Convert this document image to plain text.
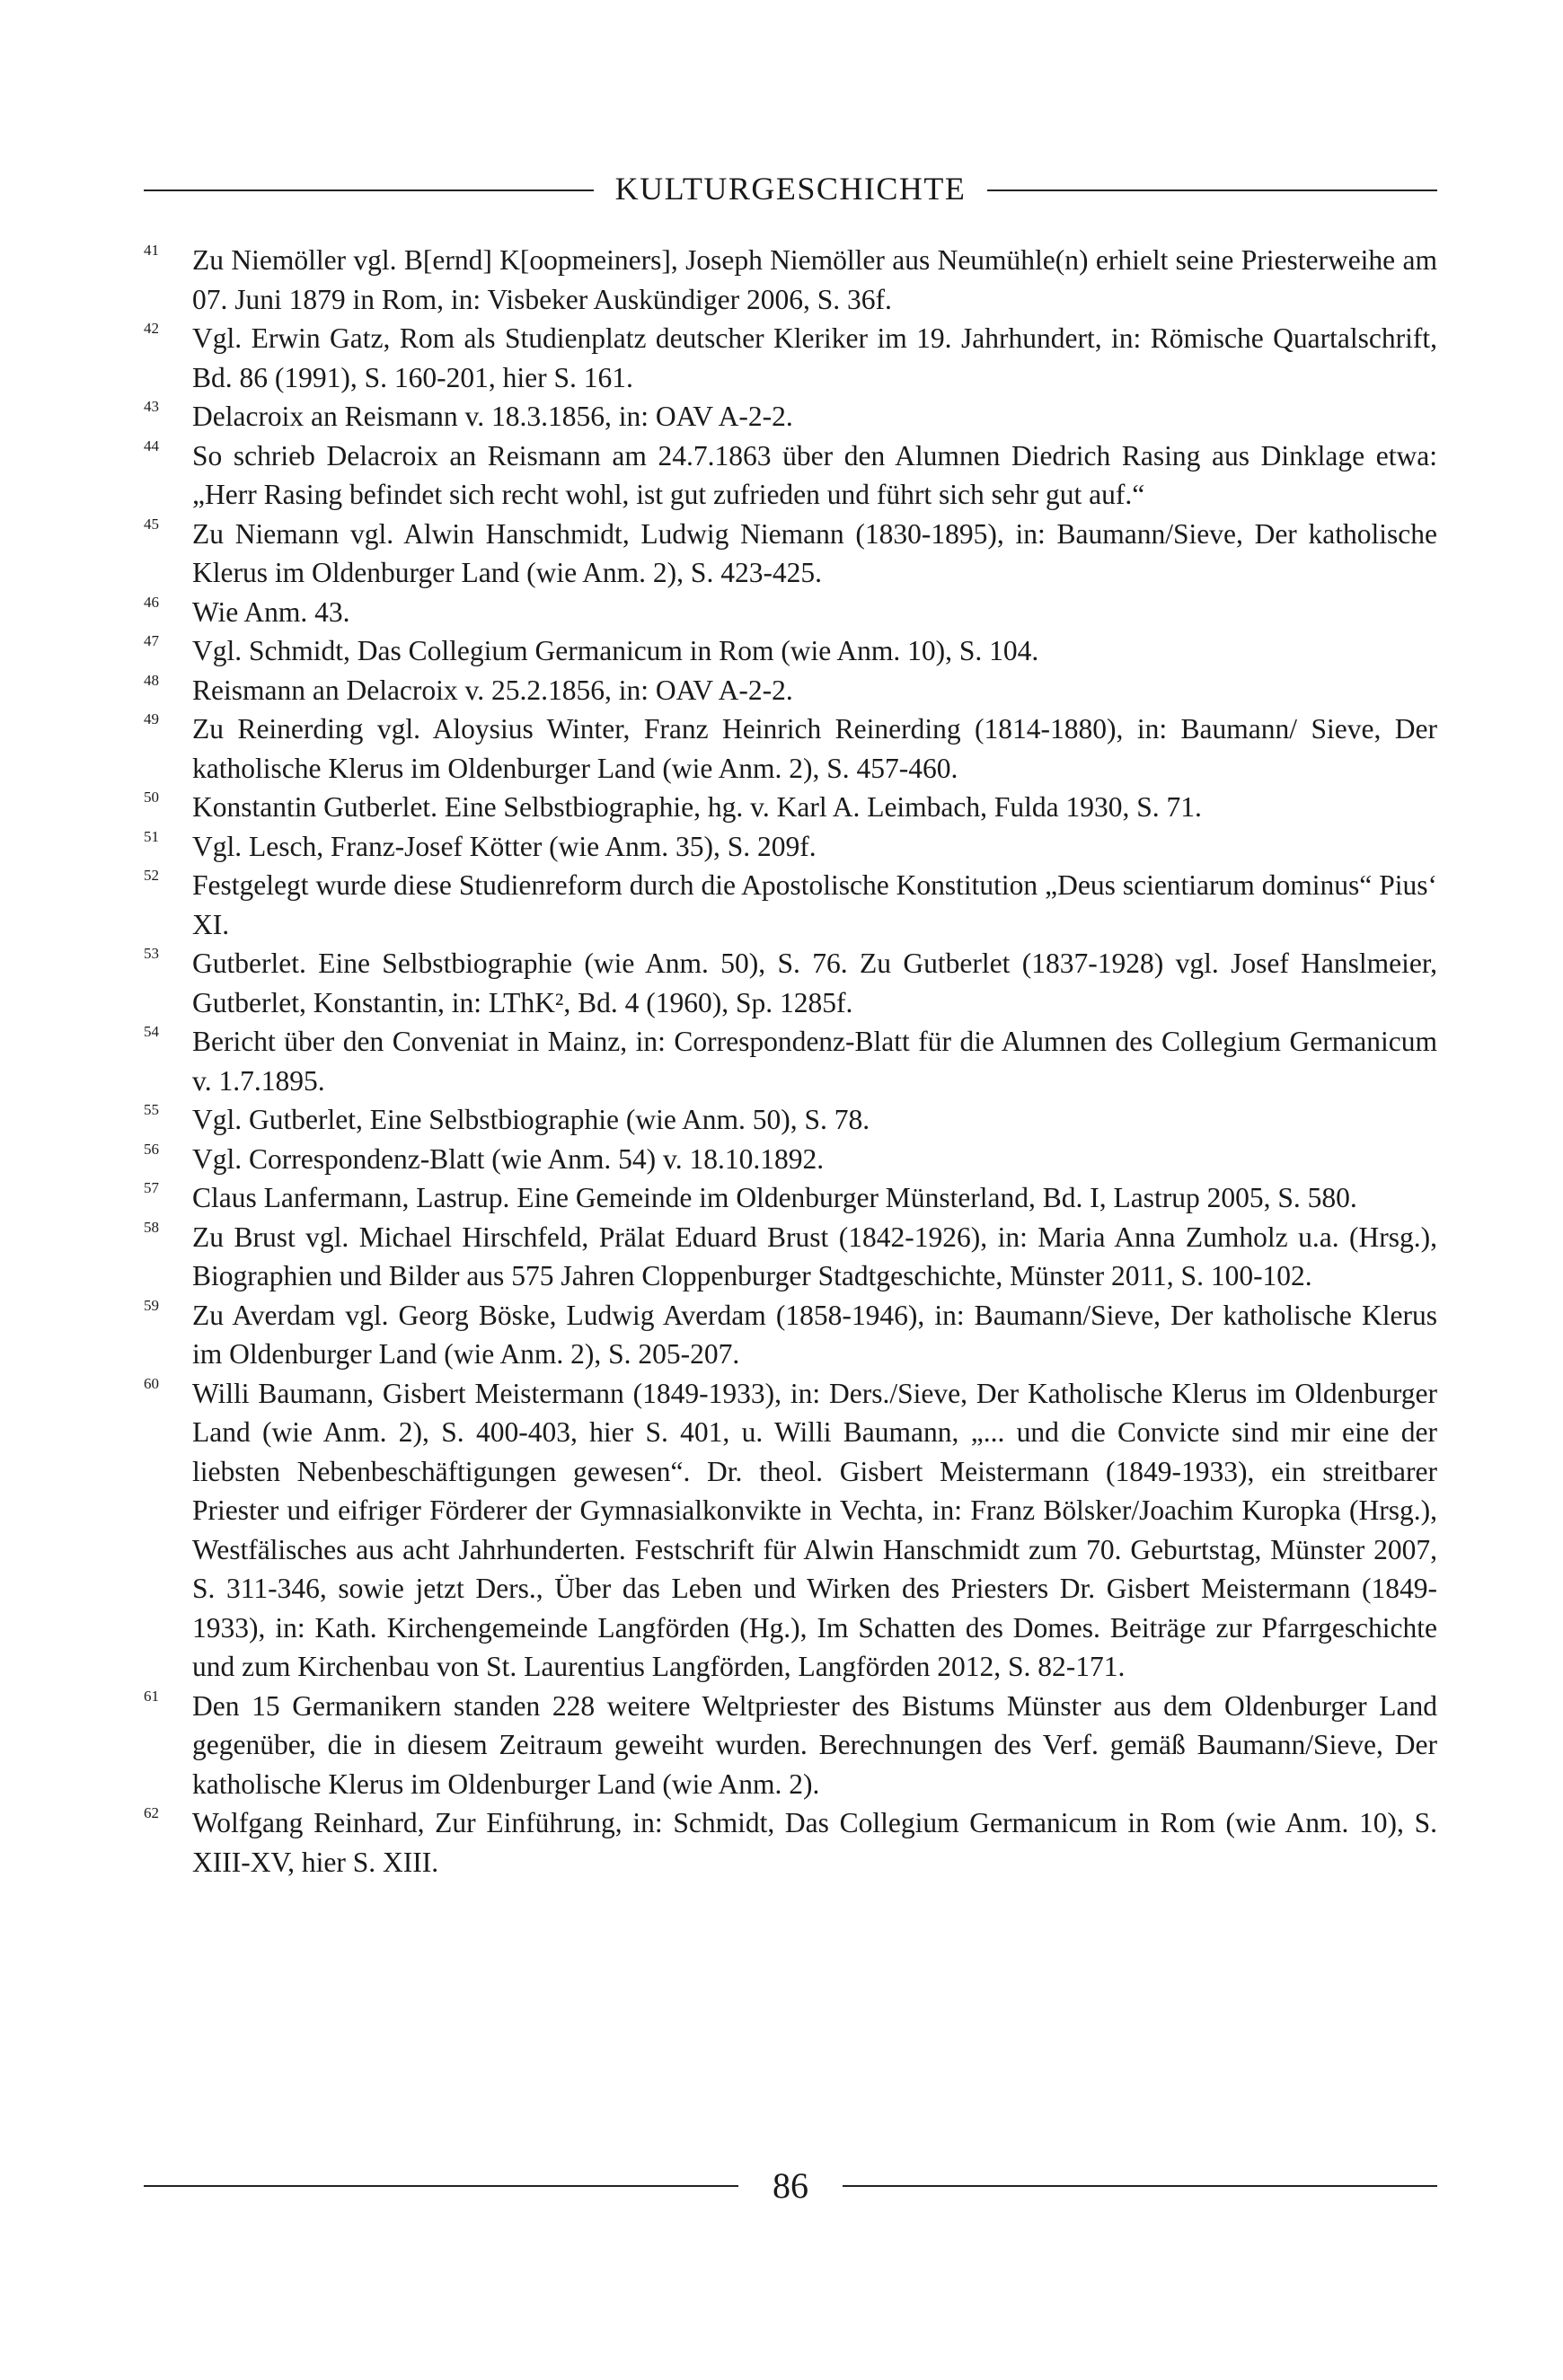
KULTURGESCHICHTE
41 Zu Niemöller vgl. B[ernd] K[oopmeiners], Joseph Niemöller aus Neumühle(n) erhielt seine Priesterweihe am 07. Juni 1879 in Rom, in: Visbeker Auskündiger 2006, S. 36f.
42 Vgl. Erwin Gatz, Rom als Studienplatz deutscher Kleriker im 19. Jahrhundert, in: Römische Quartalschrift, Bd. 86 (1991), S. 160-201, hier S. 161.
43 Delacroix an Reismann v. 18.3.1856, in: OAV A-2-2.
44 So schrieb Delacroix an Reismann am 24.7.1863 über den Alumnen Diedrich Rasing aus Dinklage etwa: „Herr Rasing befindet sich recht wohl, ist gut zufrieden und führt sich sehr gut auf.“
45 Zu Niemann vgl. Alwin Hanschmidt, Ludwig Niemann (1830-1895), in: Baumann/Sieve, Der katholische Klerus im Oldenburger Land (wie Anm. 2), S. 423-425.
46 Wie Anm. 43.
47 Vgl. Schmidt, Das Collegium Germanicum in Rom (wie Anm. 10), S. 104.
48 Reismann an Delacroix v. 25.2.1856, in: OAV A-2-2.
49 Zu Reinerding vgl. Aloysius Winter, Franz Heinrich Reinerding (1814-1880), in: Baumann/ Sieve, Der katholische Klerus im Oldenburger Land (wie Anm. 2), S. 457-460.
50 Konstantin Gutberlet. Eine Selbstbiographie, hg. v. Karl A. Leimbach, Fulda 1930, S. 71.
51 Vgl. Lesch, Franz-Josef Kötter (wie Anm. 35), S. 209f.
52 Festgelegt wurde diese Studienreform durch die Apostolische Konstitution „Deus scientiarum dominus“ Pius‘ XI.
53 Gutberlet. Eine Selbstbiographie (wie Anm. 50), S. 76. Zu Gutberlet (1837-1928) vgl. Josef Hanslmeier, Gutberlet, Konstantin, in: LThK², Bd. 4 (1960), Sp. 1285f.
54 Bericht über den Conveniat in Mainz, in: Correspondenz-Blatt für die Alumnen des Collegium Germanicum v. 1.7.1895.
55 Vgl. Gutberlet, Eine Selbstbiographie (wie Anm. 50), S. 78.
56 Vgl. Correspondenz-Blatt (wie Anm. 54) v. 18.10.1892.
57 Claus Lanfermann, Lastrup. Eine Gemeinde im Oldenburger Münsterland, Bd. I, Lastrup 2005, S. 580.
58 Zu Brust vgl. Michael Hirschfeld, Prälat Eduard Brust (1842-1926), in: Maria Anna Zumholz u.a. (Hrsg.), Biographien und Bilder aus 575 Jahren Cloppenburger Stadtgeschichte, Münster 2011, S. 100-102.
59 Zu Averdam vgl. Georg Böske, Ludwig Averdam (1858-1946), in: Baumann/Sieve, Der katholische Klerus im Oldenburger Land (wie Anm. 2), S. 205-207.
60 Willi Baumann, Gisbert Meistermann (1849-1933), in: Ders./Sieve, Der Katholische Klerus im Oldenburger Land (wie Anm. 2), S. 400-403, hier S. 401, u. Willi Baumann, „... und die Convicte sind mir eine der liebsten Nebenbeschäftigungen gewesen“. Dr. theol. Gisbert Meistermann (1849-1933), ein streitbarer Priester und eifriger Förderer der Gymnasialkonvikte in Vechta, in: Franz Bölsker/Joachim Kuropka (Hrsg.), Westfälisches aus acht Jahrhunderten. Festschrift für Alwin Hanschmidt zum 70. Geburtstag, Münster 2007, S. 311-346, sowie jetzt Ders., Über das Leben und Wirken des Priesters Dr. Gisbert Meistermann (1849-1933), in: Kath. Kirchengemeinde Langförden (Hg.), Im Schatten des Domes. Beiträge zur Pfarrgeschichte und zum Kirchenbau von St. Laurentius Langförden, Langförden 2012, S. 82-171.
61 Den 15 Germanikern standen 228 weitere Weltpriester des Bistums Münster aus dem Oldenburger Land gegenüber, die in diesem Zeitraum geweiht wurden. Berechnungen des Verf. gemäß Baumann/Sieve, Der katholische Klerus im Oldenburger Land (wie Anm. 2).
62 Wolfgang Reinhard, Zur Einführung, in: Schmidt, Das Collegium Germanicum in Rom (wie Anm. 10), S. XIII-XV, hier S. XIII.
86
